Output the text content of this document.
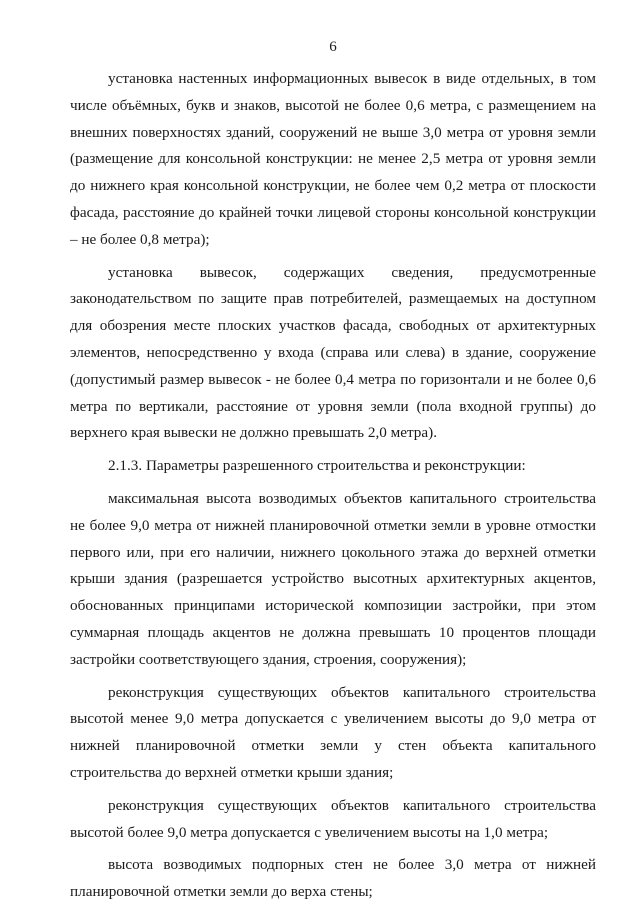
6

установка настенных информационных вывесок в виде отдельных, в том числе объёмных, букв и знаков, высотой не более 0,6 метра, с размещением на внешних поверхностях зданий, сооружений не выше 3,0 метра от уровня земли (размещение для консольной конструкции: не менее 2,5 метра от уровня земли до нижнего края консольной конструкции, не более чем 0,2 метра от плоскости фасада, расстояние до крайней точки лицевой стороны консольной конструкции – не более 0,8 метра);

установка вывесок, содержащих сведения, предусмотренные законодательством по защите прав потребителей, размещаемых на доступном для обозрения месте плоских участков фасада, свободных от архитектурных элементов, непосредственно у входа (справа или слева) в здание, сооружение (допустимый размер вывесок - не более 0,4 метра по горизонтали и не более 0,6 метра по вертикали, расстояние от уровня земли (пола входной группы) до верхнего края вывески не должно превышать 2,0 метра).

2.1.3. Параметры разрешенного строительства и реконструкции:

максимальная высота возводимых объектов капитального строительства не более 9,0 метра от нижней планировочной отметки земли в уровне отмостки первого или, при его наличии, нижнего цокольного этажа до верхней отметки крыши здания (разрешается устройство высотных архитектурных акцентов, обоснованных принципами исторической композиции застройки, при этом суммарная площадь акцентов не должна превышать 10 процентов площади застройки соответствующего здания, строения, сооружения);

реконструкция существующих объектов капитального строительства высотой менее 9,0 метра допускается с увеличением высоты до 9,0 метра от нижней планировочной отметки земли у стен объекта капитального строительства до верхней отметки крыши здания;

реконструкция существующих объектов капитального строительства высотой более 9,0 метра допускается с увеличением высоты на 1,0 метра;

высота возводимых подпорных стен не более 3,0 метра от нижней планировочной отметки земли до верха стены;
